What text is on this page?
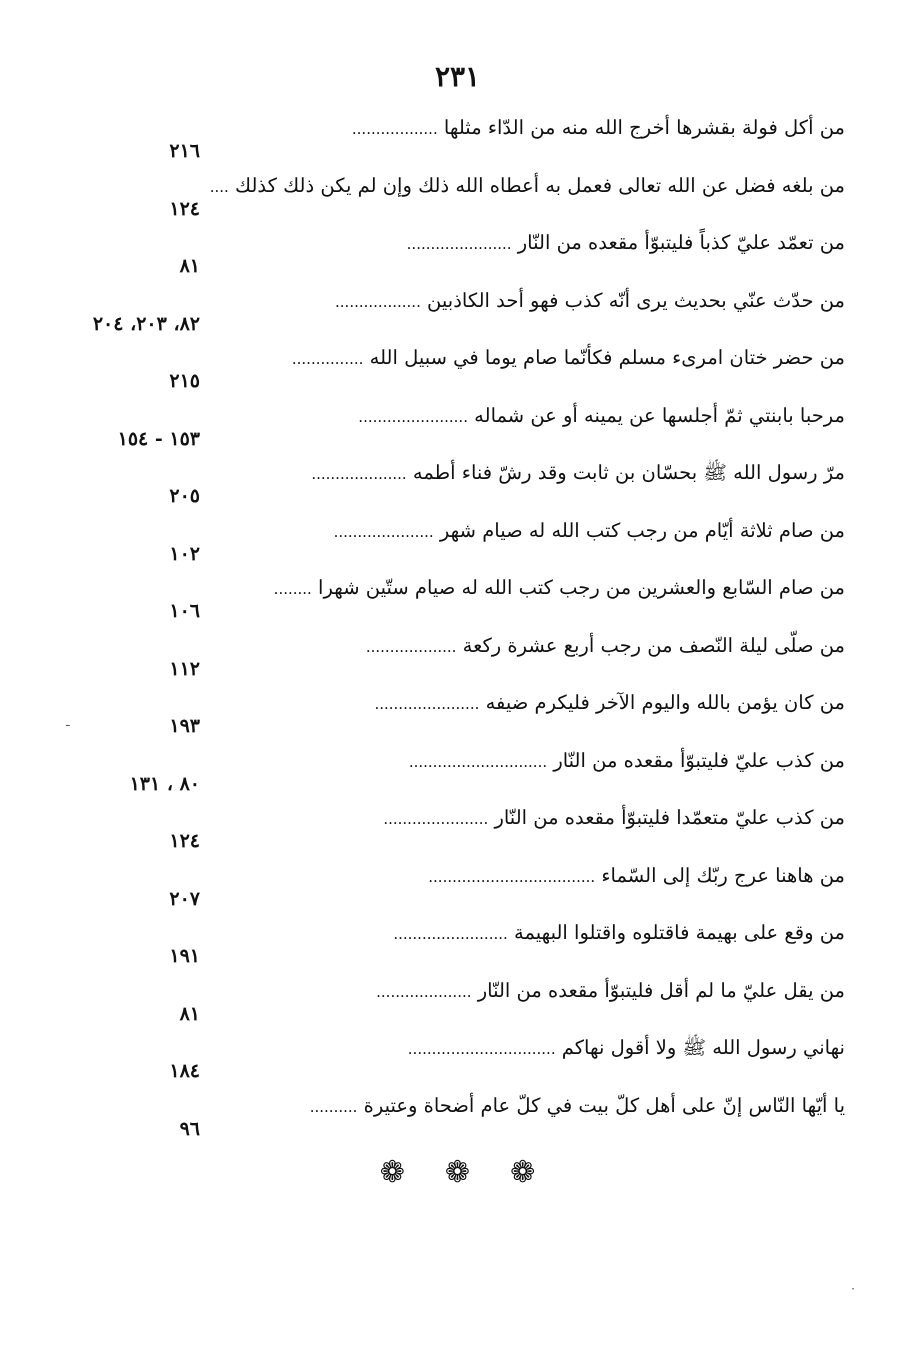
٢٣١
من أكل فولة بقشرها أخرج الله منه من الدّاء مثلها ..................
٢١٦
من بلغه فضل عن الله تعالى فعمل به أعطاه الله ذلك وإن لم يكن ذلك كذلك ....
١٢٤
من تعمّد عليّ كذباً فليتبوّأ مقعده من النّار ......................
٨١
من حدّث عنّي بحديث يرى أنّه كذب فهو أحد الكاذبين ..................
٨٢، ٢٠٣، ٢٠٤
من حضر ختان امرىء مسلم فكأنّما صام يوما في سبيل الله ...............
٢١٥
مرحبا بابنتي ثمّ أجلسها عن يمينه أو عن شماله .......................
١٥٣ - ١٥٤
مرّ رسول الله ﷺ بحسّان بن ثابت وقد رشّ فناء أطمه ....................
٢٠٥
من صام ثلاثة أيّام من رجب كتب الله له صيام شهر .....................
١٠٢
من صام السّابع والعشرين من رجب كتب الله له صيام ستّين شهرا ........
١٠٦
من صلّى ليلة النّصف من رجب أربع عشرة ركعة ...................
١١٢
من كان يؤمن بالله واليوم الآخر فليكرم ضيفه ......................
١٩٣
من كذب عليّ فليتبوّأ مقعده من النّار .............................
٨٠ ، ١٣١
من كذب عليّ متعمّدا فليتبوّأ مقعده من النّار ......................
١٢٤
من هاهنا عرج ربّك إلى السّماء ...................................
٢٠٧
من وقع على بهيمة فاقتلوه واقتلوا البهيمة ........................
١٩١
من يقل عليّ ما لم أقل فليتبوّأ مقعده من النّار ....................
٨١
نهاني رسول الله ﷺ ولا أقول نهاكم ...............................
١٨٤
يا أيّها النّاس إنّ على أهل كلّ بيت في كلّ عام أضحاة وعتيرة ..........
٩٦
❁❁❁
ـ
·
